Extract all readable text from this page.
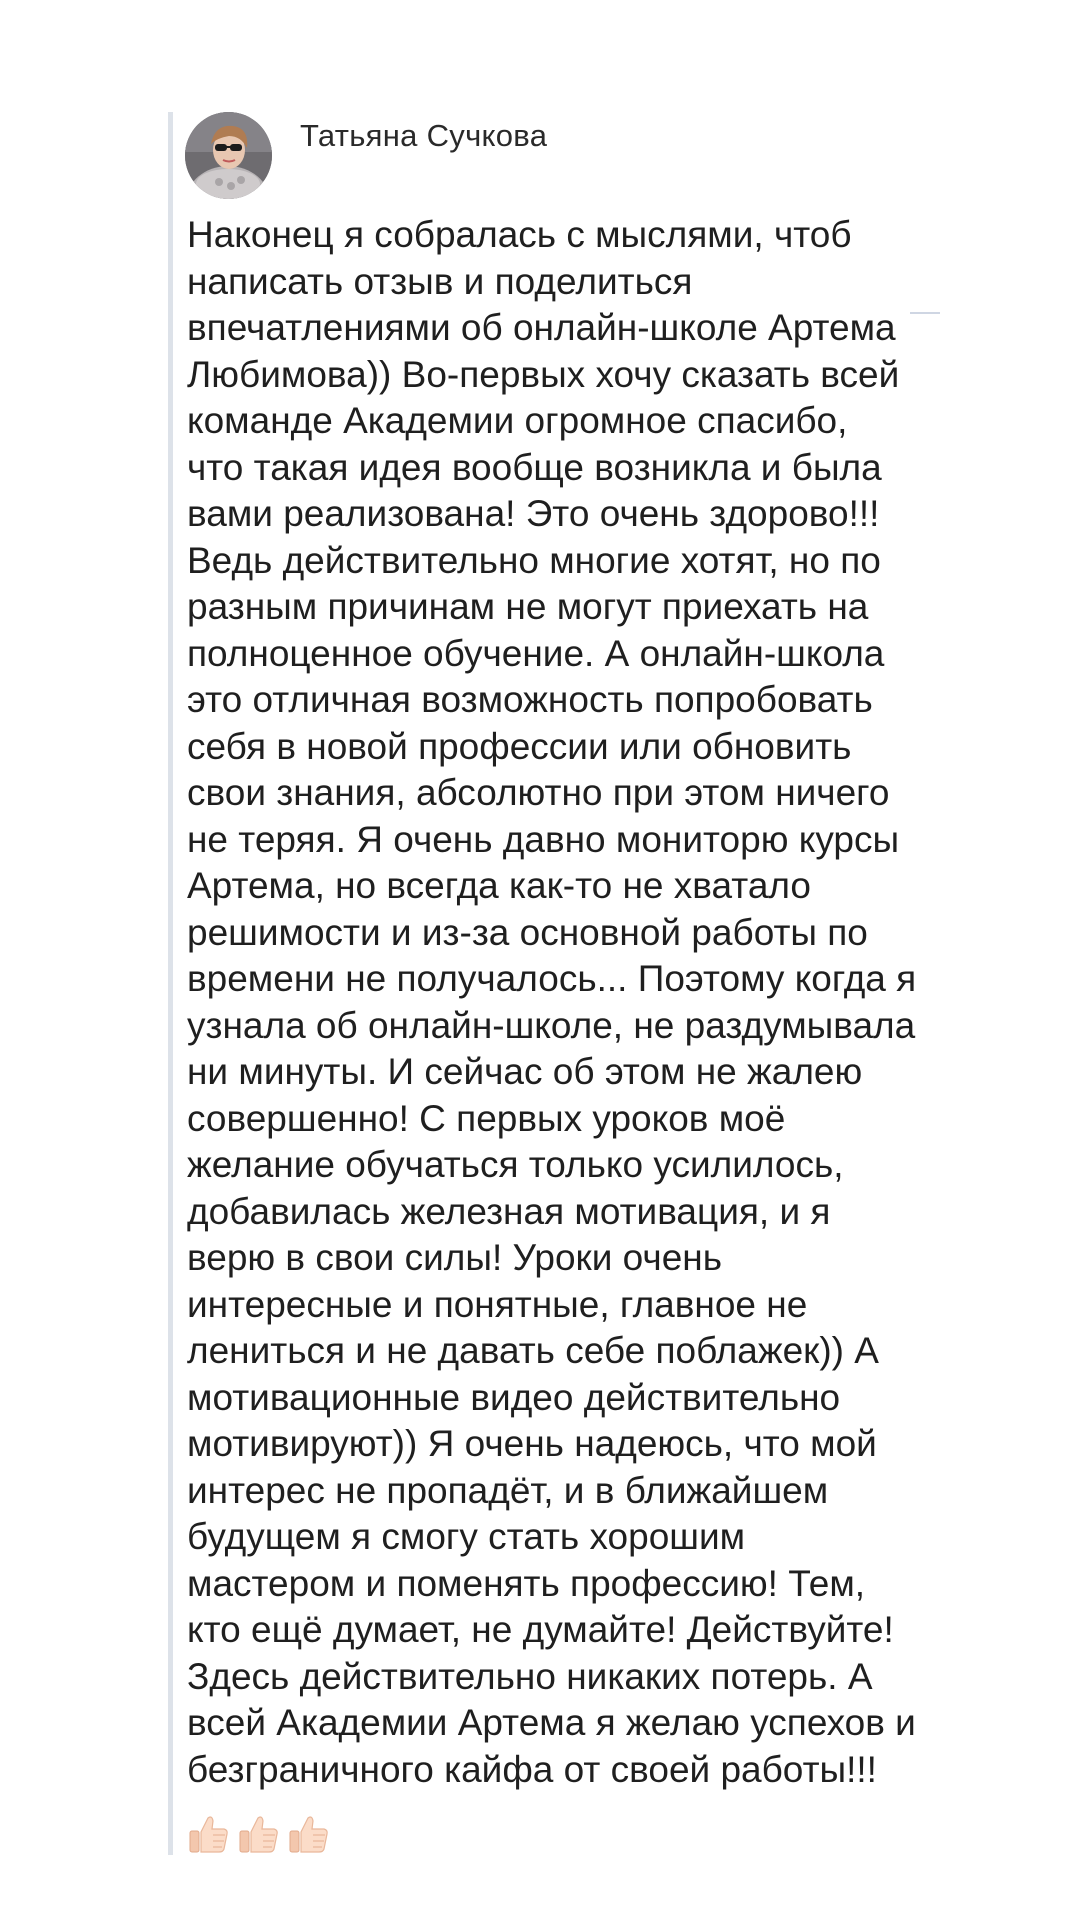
Татьяна Сучкова

Наконец я собралась с мыслями, чтоб
написать отзыв и поделиться
впечатлениями об онлайн-школе Артема
Любимова)) Во-первых хочу сказать всей
команде Академии огромное спасибо,
что такая идея вообще возникла и была
вами реализована! Это очень здорово!!!
Ведь действительно многие хотят, но по
разным причинам не могут приехать на
полноценное обучение. А онлайн-школа
это отличная возможность попробовать
себя в новой профессии или обновить
свои знания, абсолютно при этом ничего
не теряя. Я очень давно мониторю курсы
Артема, но всегда как-то не хватало
решимости и из-за основной работы по
времени не получалось... Поэтому когда я
узнала об онлайн-школе, не раздумывала
ни минуты. И сейчас об этом не жалею
совершенно! С первых уроков моё
желание обучаться только усилилось,
добавилась железная мотивация, и я
верю в свои силы! Уроки очень
интересные и понятные, главное не
лениться и не давать себе поблажек)) А
мотивационные видео действительно
мотивируют)) Я очень надеюсь, что мой
интерес не пропадёт, и в ближайшем
будущем я смогу стать хорошим
мастером и поменять профессию! Тем,
кто ещё думает, не думайте! Действуйте!
Здесь действительно никаких потерь. А
всей Академии Артема я желаю успехов и
безграничного кайфа от своей работы!!!
